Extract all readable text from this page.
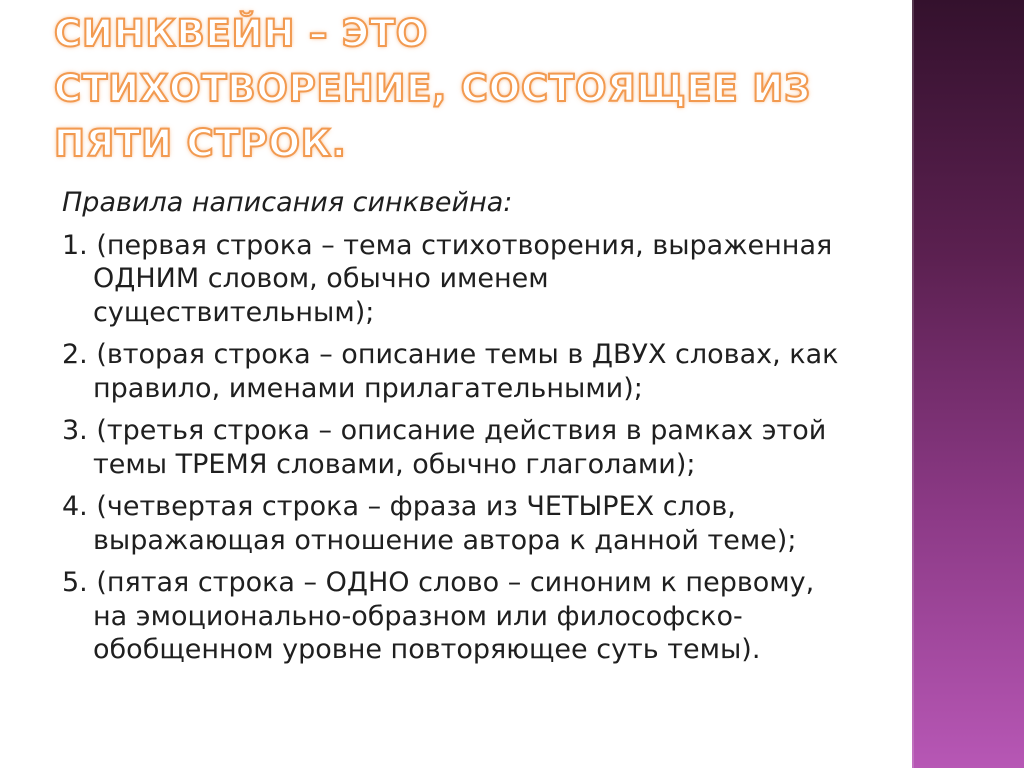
СИНКВЕЙН – ЭТО
СТИХОТВОРЕНИЕ, СОСТОЯЩЕЕ ИЗ
ПЯТИ СТРОК.
Правила написания синквейна:
1. (первая строка – тема стихотворения, выраженная
ОДНИМ словом, обычно именем
существительным);
2. (вторая строка – описание темы в ДВУХ словах, как
правило, именами прилагательными);
3. (третья строка – описание действия в рамках этой
темы ТРЕМЯ словами, обычно глаголами);
4. (четвертая строка – фраза из ЧЕТЫРЕХ слов,
выражающая отношение автора к данной теме);
5. (пятая строка – ОДНО слово – синоним к первому,
на эмоционально-образном или философско-
обобщенном уровне повторяющее суть темы).
